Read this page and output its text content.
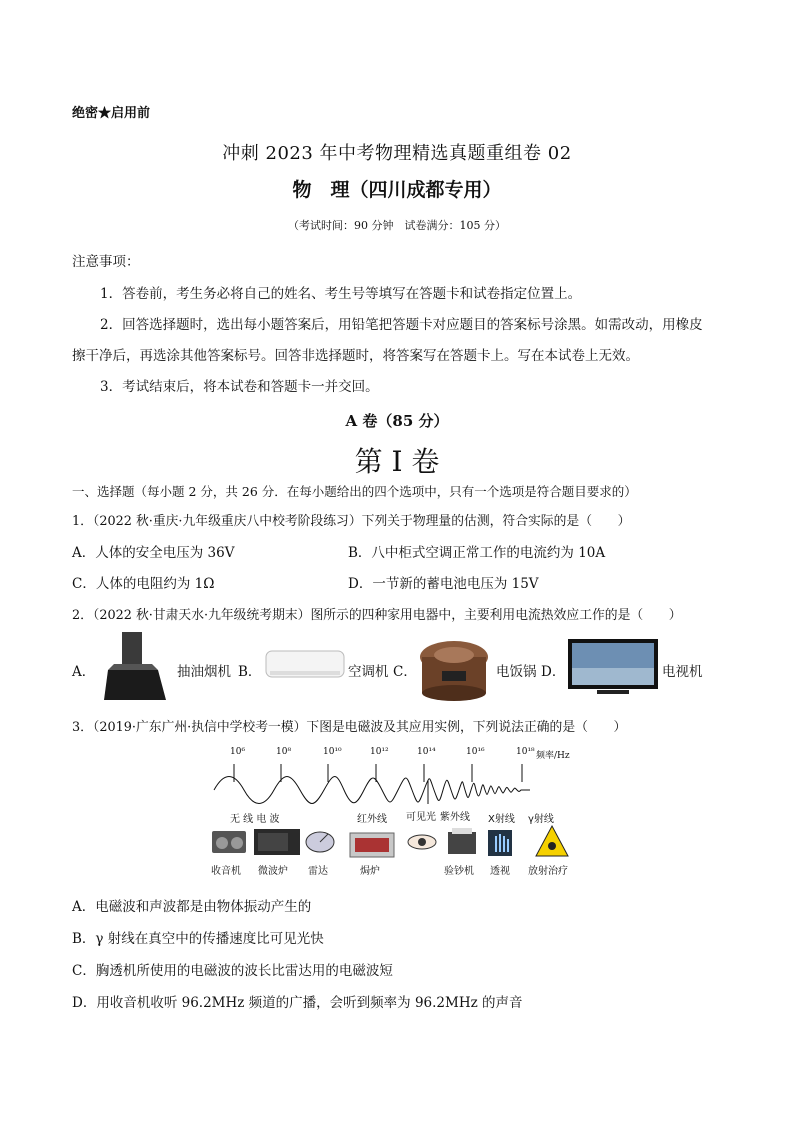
绝密★启用前
冲刺 2023 年中考物理精选真题重组卷 02
物　理（四川成都专用）
（考试时间：90 分钟　试卷满分：105 分）
注意事项：
1．答卷前，考生务必将自己的姓名、考生号等填写在答题卡和试卷指定位置上。
2．回答选择题时，选出每小题答案后，用铅笔把答题卡对应题目的答案标号涂黑。如需改动，用橡皮
擦干净后，再选涂其他答案标号。回答非选择题时，将答案写在答题卡上。写在本试卷上无效。
3．考试结束后，将本试卷和答题卡一并交回。
A 卷（85 分）
第 I 卷
一、选择题（每小题 2 分，共 26 分．在每小题给出的四个选项中，只有一个选项是符合题目要求的）
1．（2022 秋·重庆·九年级重庆八中校考阶段练习）下列关于物理量的估测，符合实际的是（　　）
A．人体的安全电压为 36V	B．八中柜式空调正常工作的电流约为 10A
C．人体的电阻约为 1Ω	D．一节新的蓄电池电压为 15V
2．（2022 秋·甘肃天水·九年级统考期末）图所示的四种家用电器中，主要利用电流热效应工作的是（　　）
A．	抽油烟机 B．	空调机 C．	电饭锅 D．	电视机
3．（2019·广东广州·执信中学校考一模）下图是电磁波及其应用实例，下列说法正确的是（　　）
10⁶	10⁸	10¹⁰	10¹²	10¹⁴	10¹⁶	10¹⁸ 频率/Hz
无 线 电 波	红外线 可见光 紫外线 X射线 γ射线
收音机 微波炉 雷达	焗炉	验钞机 透视 放射治疗
A．电磁波和声波都是由物体振动产生的
B．γ 射线在真空中的传播速度比可见光快
C．胸透机所使用的电磁波的波长比雷达用的电磁波短
D．用收音机收听 96.2MHz 频道的广播，会听到频率为 96.2MHz 的声音
